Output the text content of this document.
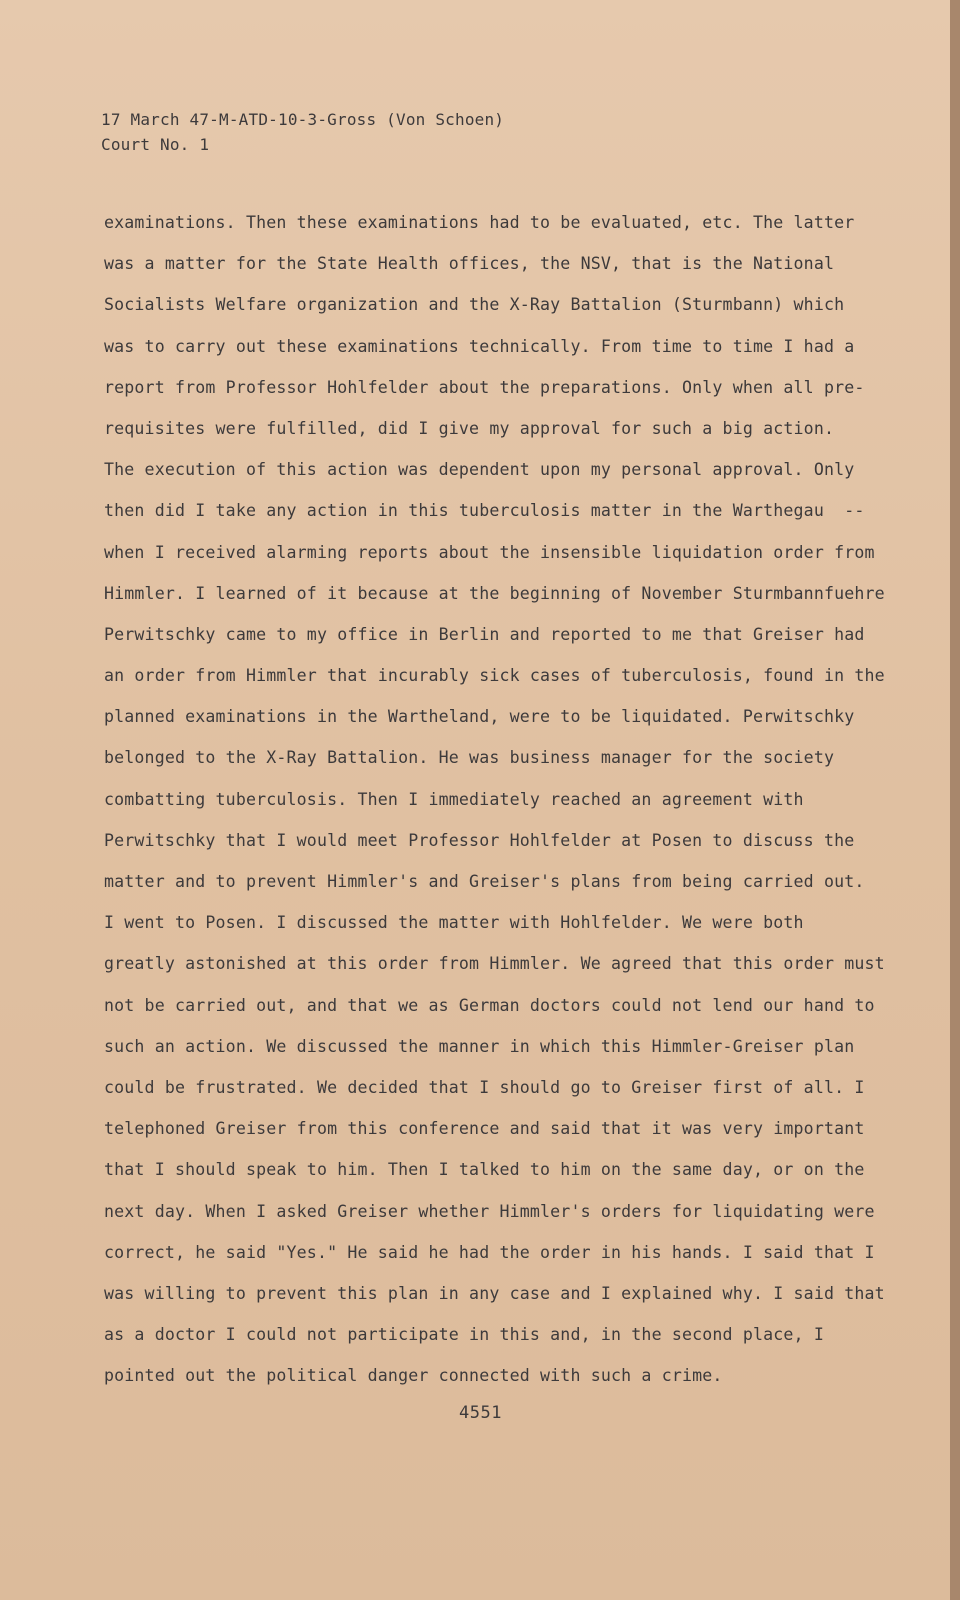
17 March 47-M-ATD-10-3-Gross (Von Schoen)
Court No. 1
examinations. Then these examinations had to be evaluated, etc. The latter
was a matter for the State Health offices, the NSV, that is the National
Socialists Welfare organization and the X-Ray Battalion (Sturmbann) which
was to carry out these examinations technically. From time to time I had a
report from Professor Hohlfelder about the preparations. Only when all pre-
requisites were fulfilled, did I give my approval for such a big action.
The execution of this action was dependent upon my personal approval. Only
then did I take any action in this tuberculosis matter in the Warthegau  --
when I received alarming reports about the insensible liquidation order from
Himmler. I learned of it because at the beginning of November Sturmbannfuehre
Perwitschky came to my office in Berlin and reported to me that Greiser had
an order from Himmler that incurably sick cases of tuberculosis, found in the
planned examinations in the Wartheland, were to be liquidated. Perwitschky
belonged to the X-Ray Battalion. He was business manager for the society
combatting tuberculosis. Then I immediately reached an agreement with
Perwitschky that I would meet Professor Hohlfelder at Posen to discuss the
matter and to prevent Himmler's and Greiser's plans from being carried out.
I went to Posen. I discussed the matter with Hohlfelder. We were both
greatly astonished at this order from Himmler. We agreed that this order must
not be carried out, and that we as German doctors could not lend our hand to
such an action. We discussed the manner in which this Himmler-Greiser plan
could be frustrated. We decided that I should go to Greiser first of all. I
telephoned Greiser from this conference and said that it was very important
that I should speak to him. Then I talked to him on the same day, or on the
next day. When I asked Greiser whether Himmler's orders for liquidating were
correct, he said "Yes." He said he had the order in his hands. I said that I
was willing to prevent this plan in any case and I explained why. I said that
as a doctor I could not participate in this and, in the second place, I
pointed out the political danger connected with such a crime.
4551
